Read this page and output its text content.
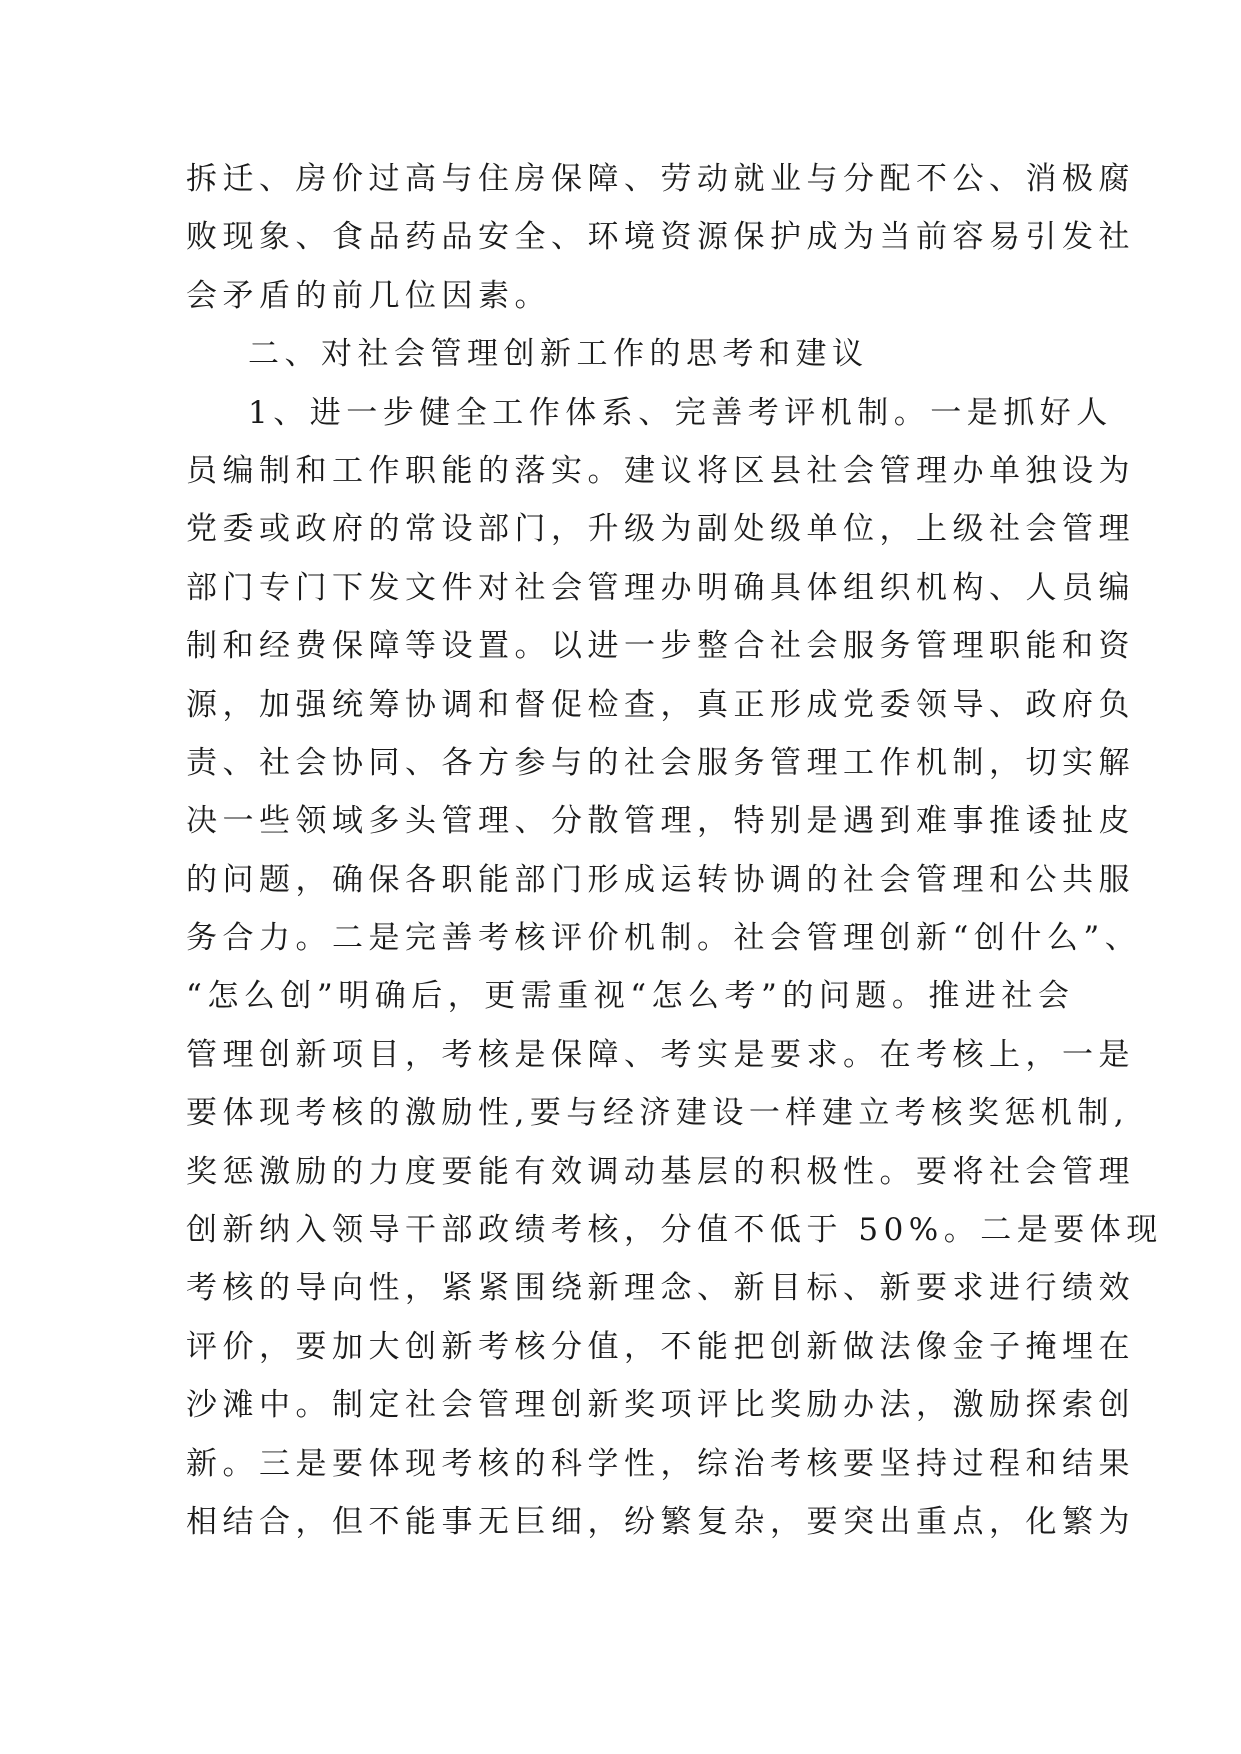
拆迁、房价过高与住房保障、劳动就业与分配不公、消极腐
败现象、食品药品安全、环境资源保护成为当前容易引发社
会矛盾的前几位因素。
二、对社会管理创新工作的思考和建议
1、进一步健全工作体系、完善考评机制。一是抓好人
员编制和工作职能的落实。建议将区县社会管理办单独设为
党委或政府的常设部门，升级为副处级单位，上级社会管理
部门专门下发文件对社会管理办明确具体组织机构、人员编
制和经费保障等设置。以进一步整合社会服务管理职能和资
源，加强统筹协调和督促检查，真正形成党委领导、政府负
责、社会协同、各方参与的社会服务管理工作机制，切实解
决一些领域多头管理、分散管理，特别是遇到难事推诿扯皮
的问题，确保各职能部门形成运转协调的社会管理和公共服
务合力。二是完善考核评价机制。社会管理创新“创什么”、
“怎么创”明确后，更需重视“怎么考”的问题。推进社会
管理创新项目，考核是保障、考实是要求。在考核上，一是
要体现考核的激励性,要与经济建设一样建立考核奖惩机制,
奖惩激励的力度要能有效调动基层的积极性。要将社会管理
创新纳入领导干部政绩考核，分值不低于 50%。二是要体现
考核的导向性，紧紧围绕新理念、新目标、新要求进行绩效
评价，要加大创新考核分值，不能把创新做法像金子掩埋在
沙滩中。制定社会管理创新奖项评比奖励办法，激励探索创
新。三是要体现考核的科学性，综治考核要坚持过程和结果
相结合，但不能事无巨细，纷繁复杂，要突出重点，化繁为
